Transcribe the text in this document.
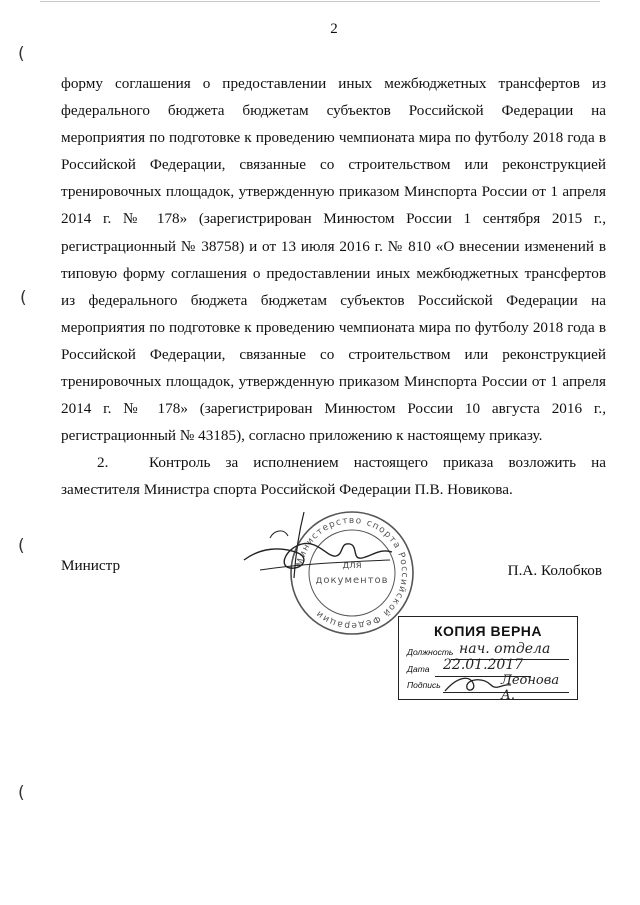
2
(
(
(
(

форму соглашения о предоставлении иных межбюджетных трансфертов из федерального бюджета бюджетам субъектов Российской Федерации на мероприятия по подготовке к проведению чемпионата мира по футболу 2018 года в Российской Федерации, связанные со строительством или реконструкцией тренировочных площадок, утвержденную приказом Минспорта России от 1 апреля 2014 г. № 178» (зарегистрирован Минюстом России 1 сентября 2015 г., регистрационный № 38758) и от 13 июля 2016 г. № 810 «О внесении изменений в типовую форму соглашения о предоставлении иных межбюджетных трансфертов из федерального бюджета бюджетам субъектов Российской Федерации на мероприятия по подготовке к проведению чемпионата мира по футболу 2018 года в Российской Федерации, связанные со строительством или реконструкцией тренировочных площадок, утвержденную приказом Минспорта России от 1 апреля 2014 г. № 178» (зарегистрирован Минюстом России 10 августа 2016 г., регистрационный № 43185), согласно приложению к настоящему приказу.

2.	Контроль за исполнением настоящего приказа возложить на заместителя Министра спорта Российской Федерации П.В. Новикова.

Министр	П.А. Колобков
Министерство спорта Российской Федерации
для
документов
КОПИЯ ВЕРНА
Должность нач. отдела
Дата 22.01.2017
Подпись	Леонова А.
